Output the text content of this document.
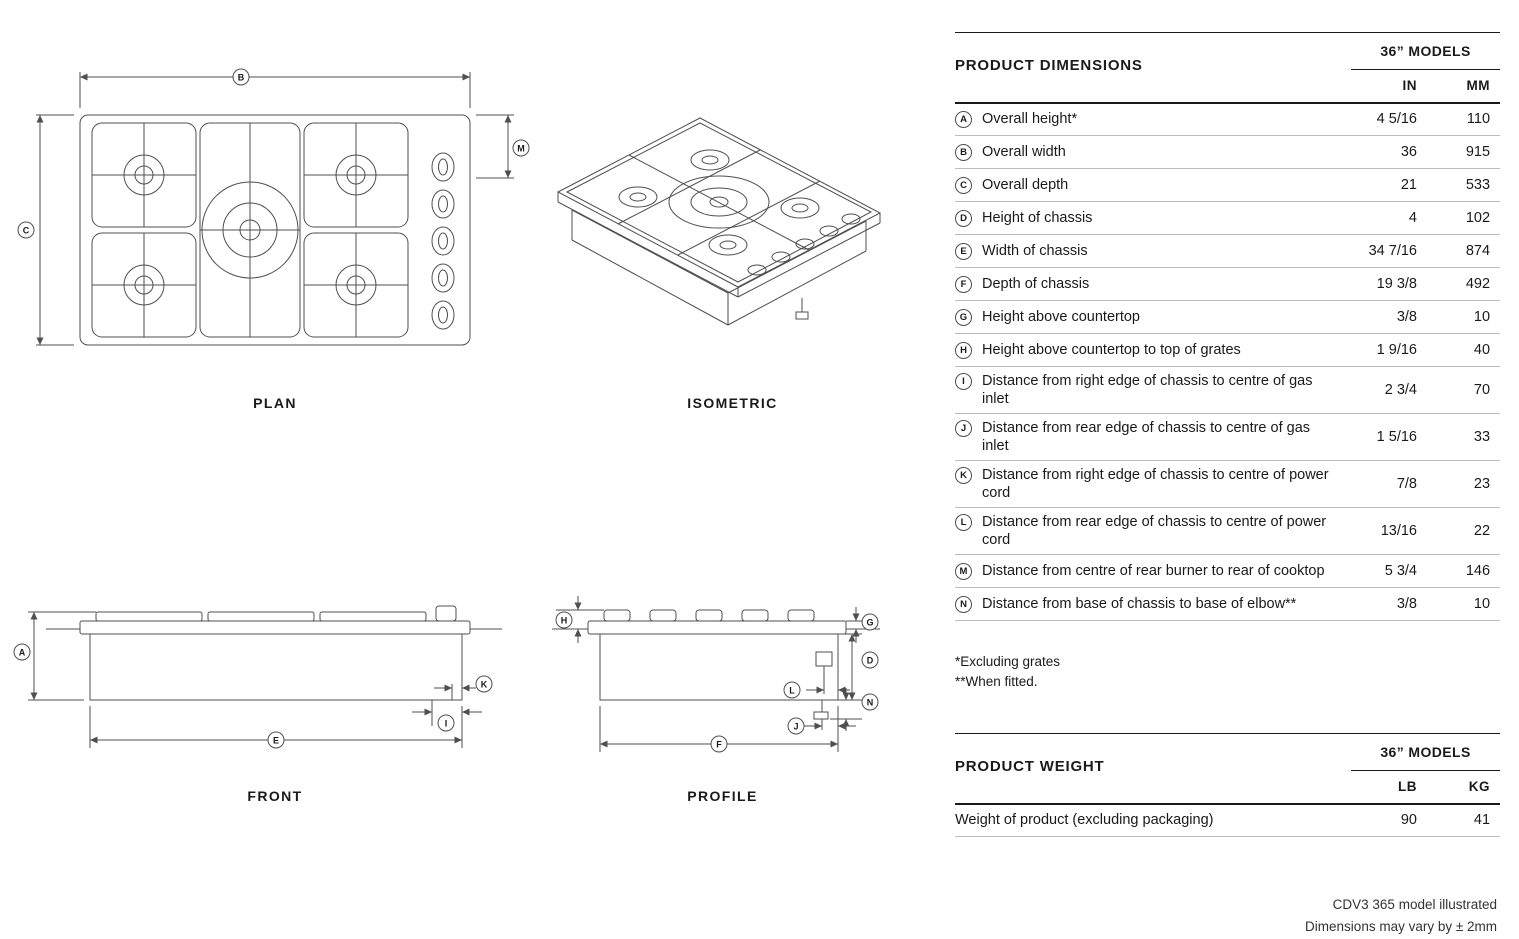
B
C
M
A
E
K
I
H	G
D
N
L
J
F
PLAN	ISOMETRIC
FRONT	PROFILE
PRODUCT DIMENSIONS	36” MODELS	
	IN	MM

A Overall height*	4 5/16	110

B Overall width	36	915

C Overall depth	21	533

D Height of chassis	4	102

E Width of chassis	34 7/16	874

F Depth of chassis	19 3/8	492

G Height above countertop	3/8	10

H Height above countertop to top of grates	1 9/16	40

I Distance from right edge of chassis to centre of gas inlet	2 3/4	70

J Distance from rear edge of chassis to centre of gas inlet	1 5/16	33

K Distance from right edge of chassis to centre of power cord	7/8	23

L Distance from rear edge of chassis to centre of power cord	13/16	22

M Distance from centre of rear burner to rear of cooktop	5 3/4	146

N Distance from base of chassis to base of elbow**	3/8	10
*Excluding grates
**When fitted.
PRODUCT WEIGHT	36” MODELS	
	LB	KG

Weight of product (excluding packaging)	90	41
CDV3 365 model illustrated
Dimensions may vary by ± 2mm
